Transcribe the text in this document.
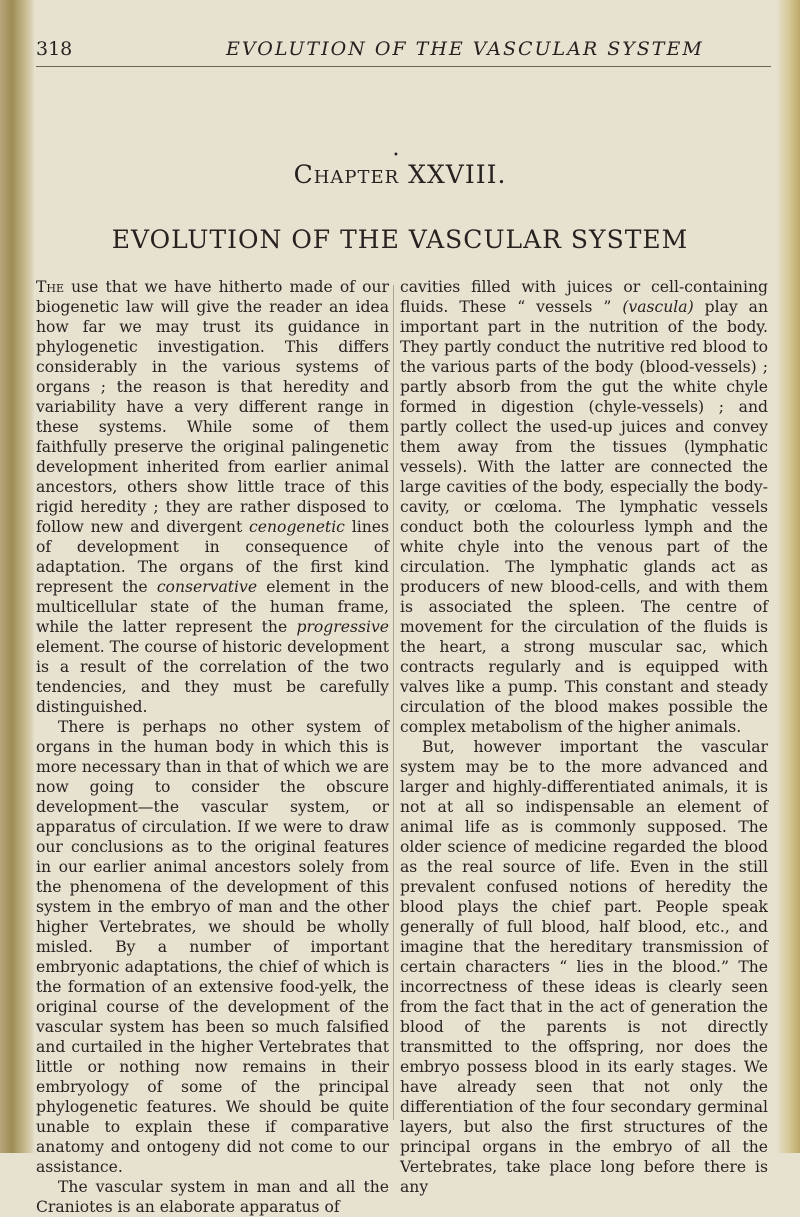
318	EVOLUTION OF THE VASCULAR SYSTEM
•
Chapter XXVIII.
EVOLUTION OF THE VASCULAR SYSTEM

The use that we have hitherto made of our biogenetic law will give the reader an idea how far we may trust its guidance in phylogenetic investigation. This differs considerably in the various systems of organs ; the reason is that heredity and variability have a very different range in these systems. While some of them faithfully preserve the original palingenetic development inherited from earlier animal ancestors, others show little trace of this rigid heredity ; they are rather disposed to follow new and divergent cenogenetic lines of development in consequence of adaptation. The organs of the first kind represent the conservative element in the multicellular state of the human frame, while the latter represent the progressive element. The course of historic development is a result of the correlation of the two tendencies, and they must be carefully distinguished.

There is perhaps no other system of organs in the human body in which this is more necessary than in that of which we are now going to consider the obscure development—the vascular system, or apparatus of circulation. If we were to draw our conclusions as to the original features in our earlier animal ancestors solely from the phenomena of the development of this system in the embryo of man and the other higher Vertebrates, we should be wholly misled. By a number of important embryonic adaptations, the chief of which is the formation of an extensive food-yelk, the original course of the development of the vascular system has been so much falsified and curtailed in the higher Vertebrates that little or nothing now remains in their embryology of some of the principal phylogenetic features. We should be quite unable to explain these if comparative anatomy and ontogeny did not come to our assistance.

The vascular system in man and all the Craniotes is an elaborate apparatus of

cavities filled with juices or cell-containing fluids. These “ vessels ” (vascula) play an important part in the nutrition of the body. They partly conduct the nutritive red blood to the various parts of the body (blood-vessels) ; partly absorb from the gut the white chyle formed in digestion (chyle-vessels) ; and partly collect the used-up juices and convey them away from the tissues (lymphatic vessels). With the latter are connected the large cavities of the body, especially the body-cavity, or cœloma. The lymphatic vessels conduct both the colourless lymph and the white chyle into the venous part of the circulation. The lymphatic glands act as producers of new blood-cells, and with them is associated the spleen. The centre of movement for the circulation of the fluids is the heart, a strong muscular sac, which contracts regularly and is equipped with valves like a pump. This constant and steady circulation of the blood makes possible the complex metabolism of the higher animals.

But, however important the vascular system may be to the more advanced and larger and highly-differentiated animals, it is not at all so indispensable an element of animal life as is commonly supposed. The older science of medicine regarded the blood as the real source of life. Even in the still prevalent confused notions of heredity the blood plays the chief part. People speak generally of full blood, half blood, etc., and imagine that the hereditary transmission of certain characters “ lies in the blood.” The incorrectness of these ideas is clearly seen from the fact that in the act of generation the blood of the parents is not directly transmitted to the offspring, nor does the embryo possess blood in its early stages. We have already seen that not only the differentiation of the four secondary germinal layers, but also the first structures of the principal organs in the embryo of all the Vertebrates, take place long before there is any
